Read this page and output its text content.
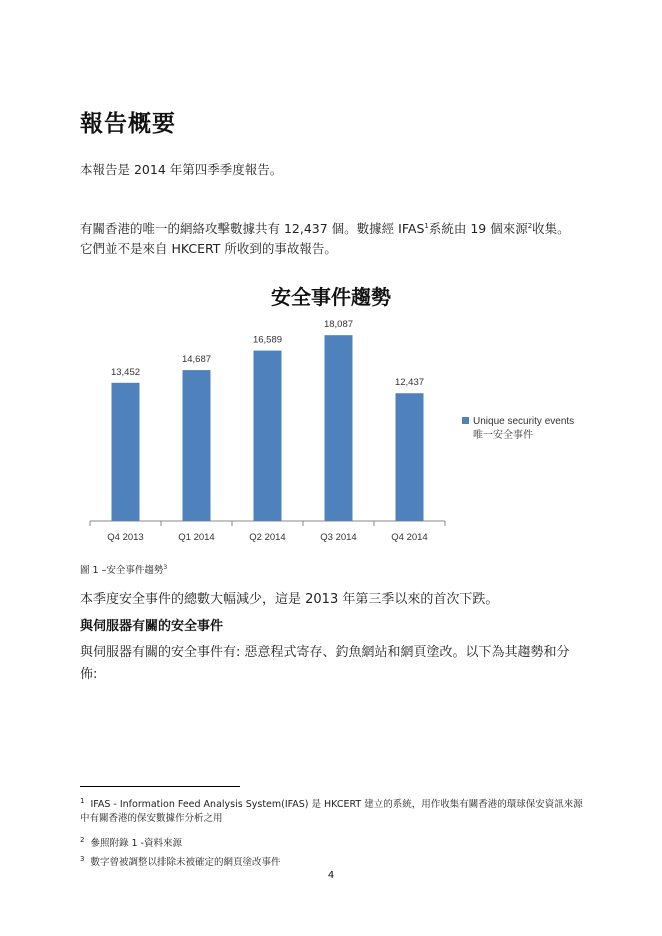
報告概要
本報告是 2014 年第四季季度報告。
有關香港的唯一的網絡攻擊數據共有 12,437 個。數據經 IFAS$^1$系統由 19 個來源$^2$收集。
它們並不是來自 HKCERT 所收到的事故報告。
安全事件趨勢
13,452
Q4 2013
14,687
Q1 2014
16,589
Q2 2014
18,087
Q3 2014
12,437
Q4 2014
Unique security events
唯一安全事件
圖 1 –安全事件趨勢$^3$
本季度安全事件的總數大幅減少，這是 2013 年第三季以來的首次下跌。
與伺服器有關的安全事件
與伺服器有關的安全事件有: 惡意程式寄存、釣魚網站和網頁塗改。以下為其趨勢和分佈:
$^1$ IFAS - Information Feed Analysis System(IFAS) 是 HKCERT 建立的系統，用作收集有關香港的環球保安資訊來源中有關香港的保安數據作分析之用
$^2$ 參照附錄 1 -資料來源
$^3$ 數字曾被調整以排除未被確定的網頁塗改事件
4
